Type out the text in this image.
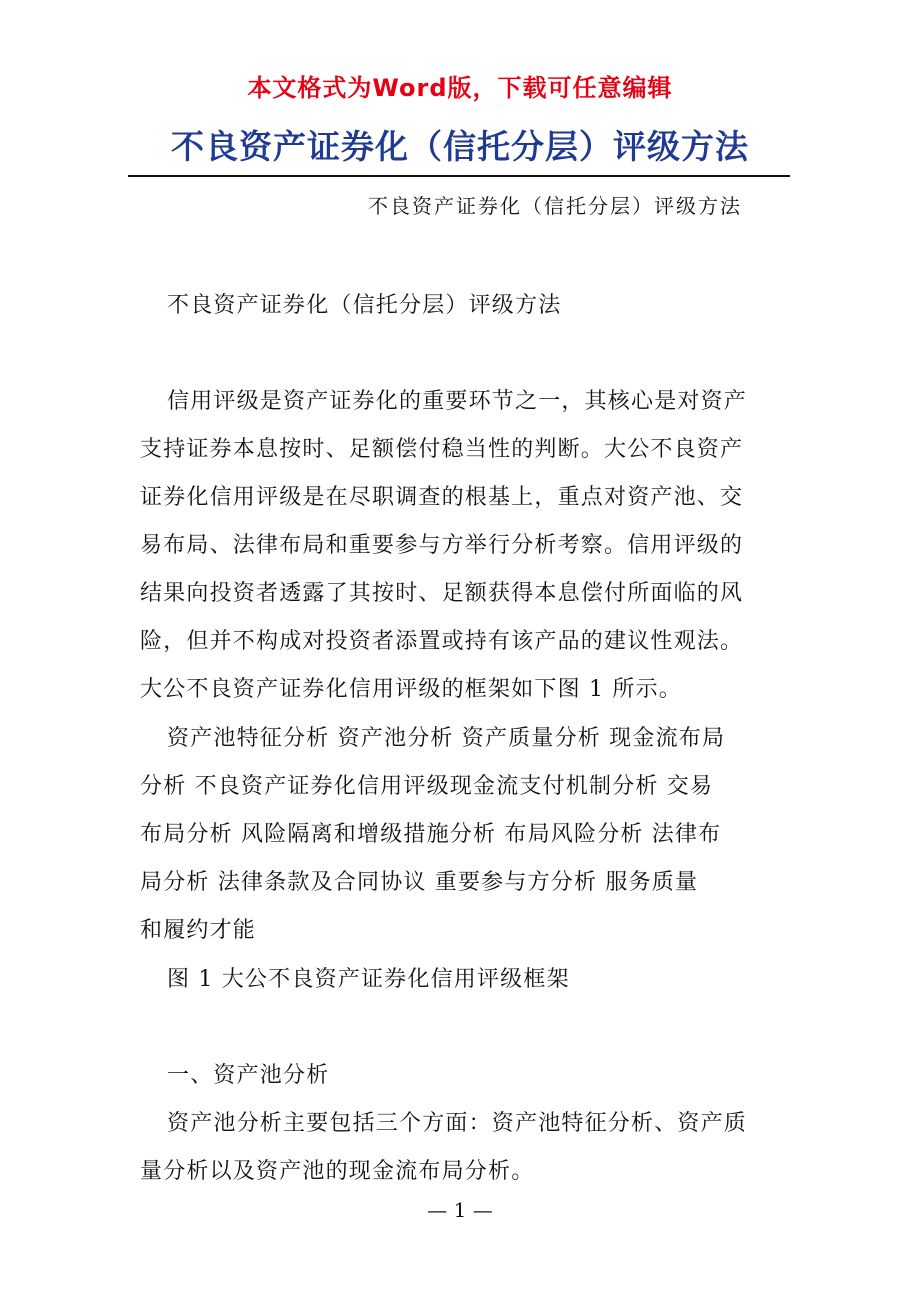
本文格式为Word版，下载可任意编辑
不良资产证券化（信托分层）评级方法
不良资产证券化（信托分层）评级方法
不良资产证券化（信托分层）评级方法
信用评级是资产证券化的重要环节之一，其核心是对资产
支持证券本息按时、足额偿付稳当性的判断。大公不良资产
证券化信用评级是在尽职调查的根基上，重点对资产池、交
易布局、法律布局和重要参与方举行分析考察。信用评级的
结果向投资者透露了其按时、足额获得本息偿付所面临的风
险，但并不构成对投资者添置或持有该产品的建议性观法。
大公不良资产证券化信用评级的框架如下图 1 所示。
资产池特征分析 资产池分析 资产质量分析 现金流布局
分析 不良资产证券化信用评级现金流支付机制分析 交易
布局分析 风险隔离和增级措施分析 布局风险分析 法律布
局分析 法律条款及合同协议 重要参与方分析 服务质量
和履约才能
图 1 大公不良资产证券化信用评级框架
一、资产池分析
资产池分析主要包括三个方面：资产池特征分析、资产质
量分析以及资产池的现金流布局分析。
— 1 —
